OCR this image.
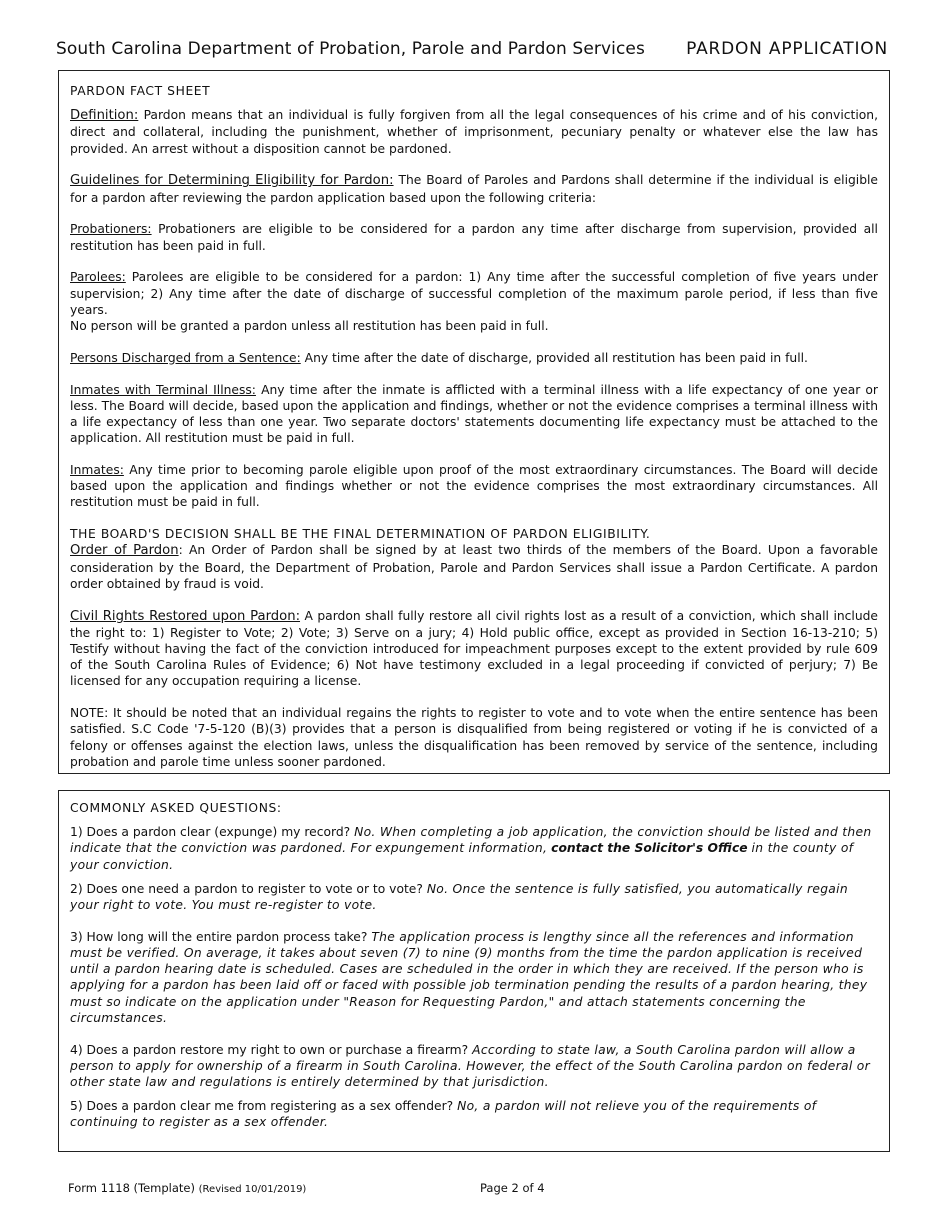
South Carolina Department of Probation, Parole and Pardon Services PARDON APPLICATION

PARDON FACT SHEET

Definition: Pardon means that an individual is fully forgiven from all the legal consequences of his crime and of his conviction, direct and collateral, including the punishment, whether of imprisonment, pecuniary penalty or whatever else the law has provided. An arrest without a disposition cannot be pardoned.

Guidelines for Determining Eligibility for Pardon: The Board of Paroles and Pardons shall determine if the individual is eligible for a pardon after reviewing the pardon application based upon the following criteria:

Probationers: Probationers are eligible to be considered for a pardon any time after discharge from supervision, provided all restitution has been paid in full.

Parolees: Parolees are eligible to be considered for a pardon: 1) Any time after the successful completion of five years under supervision; 2) Any time after the date of discharge of successful completion of the maximum parole period, if less than five years.

No person will be granted a pardon unless all restitution has been paid in full.

Persons Discharged from a Sentence: Any time after the date of discharge, provided all restitution has been paid in full.

Inmates with Terminal Illness: Any time after the inmate is afflicted with a terminal illness with a life expectancy of one year or less. The Board will decide, based upon the application and findings, whether or not the evidence comprises a terminal illness with a life expectancy of less than one year. Two separate doctors' statements documenting life expectancy must be attached to the application. All restitution must be paid in full.

Inmates: Any time prior to becoming parole eligible upon proof of the most extraordinary circumstances. The Board will decide based upon the application and findings whether or not the evidence comprises the most extraordinary circumstances. All restitution must be paid in full.

THE BOARD'S DECISION SHALL BE THE FINAL DETERMINATION OF PARDON ELIGIBILITY.

Order of Pardon: An Order of Pardon shall be signed by at least two thirds of the members of the Board. Upon a favorable consideration by the Board, the Department of Probation, Parole and Pardon Services shall issue a Pardon Certificate. A pardon order obtained by fraud is void.

Civil Rights Restored upon Pardon: A pardon shall fully restore all civil rights lost as a result of a conviction, which shall include the right to: 1) Register to Vote; 2) Vote; 3) Serve on a jury; 4) Hold public office, except as provided in Section 16-13-210; 5) Testify without having the fact of the conviction introduced for impeachment purposes except to the extent provided by rule 609 of the South Carolina Rules of Evidence; 6) Not have testimony excluded in a legal proceeding if convicted of perjury; 7) Be licensed for any occupation requiring a license.

NOTE: It should be noted that an individual regains the rights to register to vote and to vote when the entire sentence has been satisfied. S.C Code '7-5-120 (B)(3) provides that a person is disqualified from being registered or voting if he is convicted of a felony or offenses against the election laws, unless the disqualification has been removed by service of the sentence, including probation and parole time unless sooner pardoned.

COMMONLY ASKED QUESTIONS:

1) Does a pardon clear (expunge) my record? No. When completing a job application, the conviction should be listed and then indicate that the conviction was pardoned. For expungement information, contact the Solicitor's Office in the county of your conviction.

2) Does one need a pardon to register to vote or to vote? No. Once the sentence is fully satisfied, you automatically regain your right to vote. You must re-register to vote.

3) How long will the entire pardon process take? The application process is lengthy since all the references and information must be verified. On average, it takes about seven (7) to nine (9) months from the time the pardon application is received until a pardon hearing date is scheduled. Cases are scheduled in the order in which they are received. If the person who is applying for a pardon has been laid off or faced with possible job termination pending the results of a pardon hearing, they must so indicate on the application under "Reason for Requesting Pardon," and attach statements concerning the circumstances.

4) Does a pardon restore my right to own or purchase a firearm? According to state law, a South Carolina pardon will allow a person to apply for ownership of a firearm in South Carolina. However, the effect of the South Carolina pardon on federal or other state law and regulations is entirely determined by that jurisdiction.

5) Does a pardon clear me from registering as a sex offender? No, a pardon will not relieve you of the requirements of continuing to register as a sex offender.

Form 1118 (Template) (Revised 10/01/2019)	Page 2 of 4
